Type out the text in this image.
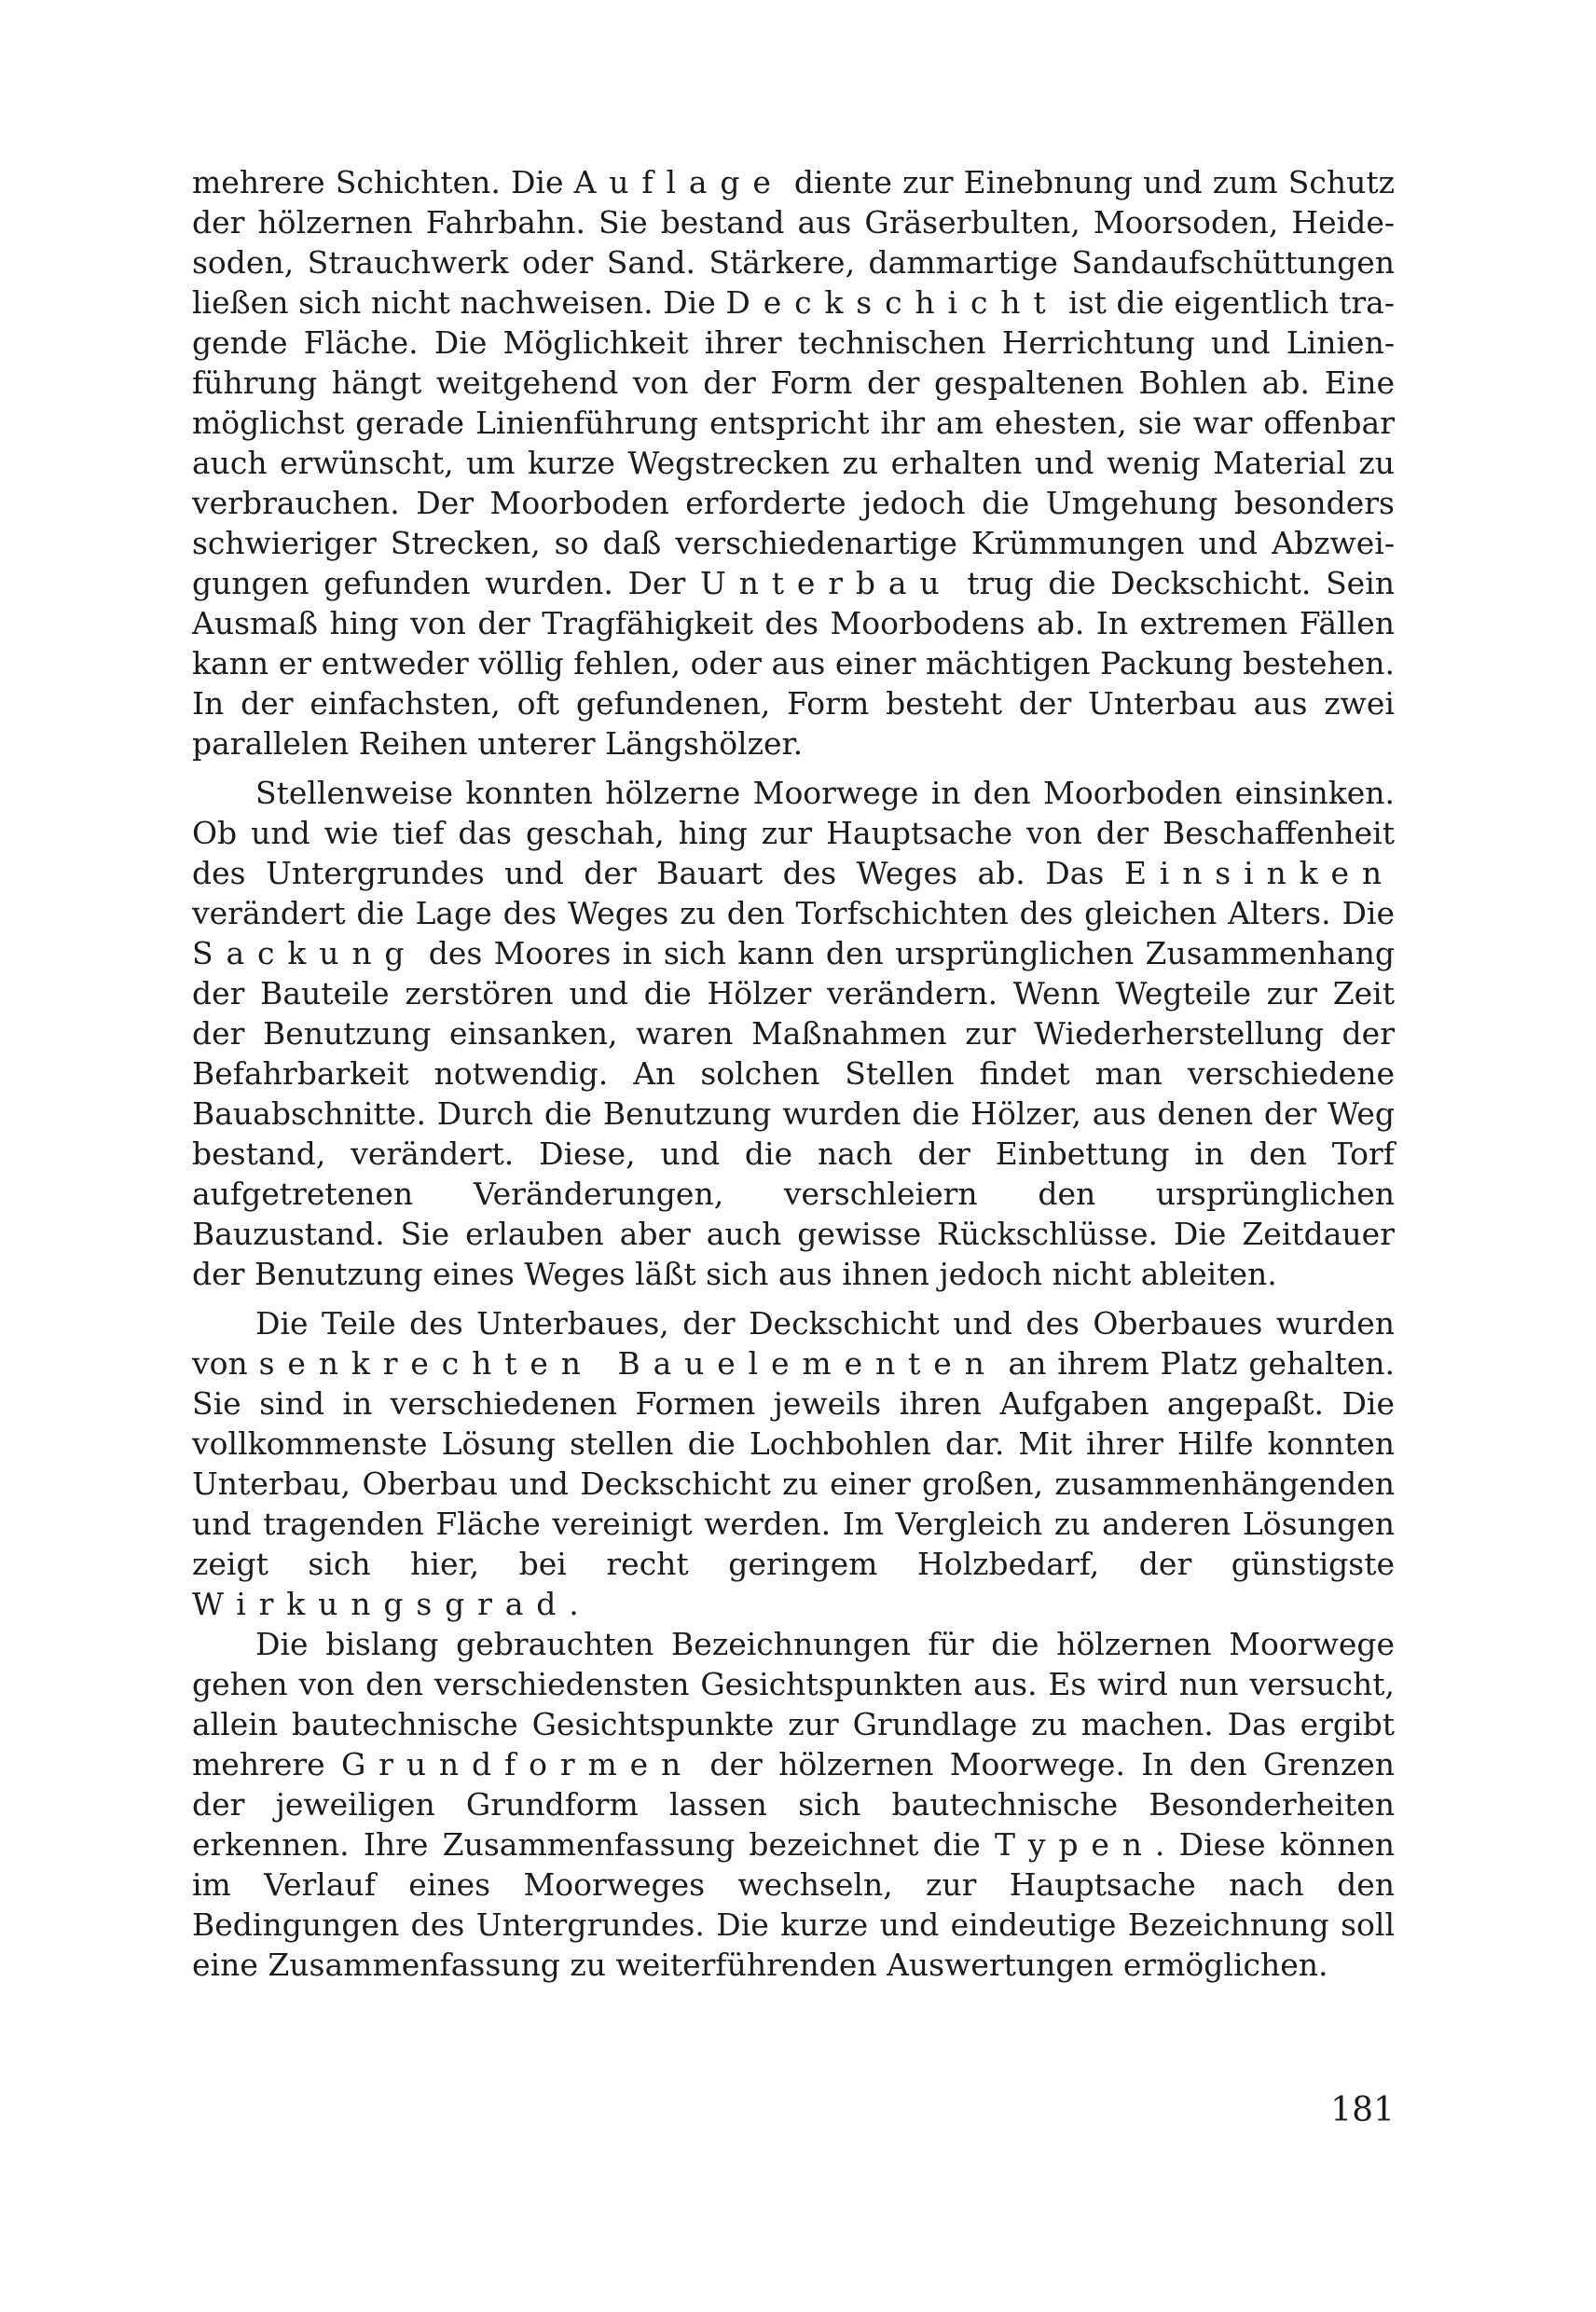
mehrere Schichten. Die Auflage diente zur Einebnung und zum Schutz der hölzernen Fahrbahn. Sie bestand aus Gräserbulten, Moorsoden, Heidesoden, Strauchwerk oder Sand. Stärkere, dammartige Sandaufschüttungen ließen sich nicht nachweisen. Die Deckschicht ist die eigentlich tragende Fläche. Die Möglichkeit ihrer technischen Herrichtung und Linienführung hängt weitgehend von der Form der gespaltenen Bohlen ab. Eine möglichst gerade Linienführung entspricht ihr am ehesten, sie war offenbar auch erwünscht, um kurze Wegstrecken zu erhalten und wenig Material zu verbrauchen. Der Moorboden erforderte jedoch die Umgehung besonders schwieriger Strecken, so daß verschiedenartige Krümmungen und Abzweigungen gefunden wurden. Der Unterbau trug die Deckschicht. Sein Ausmaß hing von der Tragfähigkeit des Moorbodens ab. In extremen Fällen kann er entweder völlig fehlen, oder aus einer mächtigen Packung bestehen. In der einfachsten, oft gefundenen, Form besteht der Unterbau aus zwei parallelen Reihen unterer Längshölzer.

Stellenweise konnten hölzerne Moorwege in den Moorboden einsinken. Ob und wie tief das geschah, hing zur Hauptsache von der Beschaffenheit des Untergrundes und der Bauart des Weges ab. Das Einsinken verändert die Lage des Weges zu den Torfschichten des gleichen Alters. Die Sackung des Moores in sich kann den ursprünglichen Zusammenhang der Bauteile zerstören und die Hölzer verändern. Wenn Wegteile zur Zeit der Benutzung einsanken, waren Maßnahmen zur Wiederherstellung der Befahrbarkeit notwendig. An solchen Stellen findet man verschiedene Bauabschnitte. Durch die Benutzung wurden die Hölzer, aus denen der Weg bestand, verändert. Diese, und die nach der Einbettung in den Torf aufgetretenen Veränderungen, verschleiern den ursprünglichen Bauzustand. Sie erlauben aber auch gewisse Rückschlüsse. Die Zeitdauer der Benutzung eines Weges läßt sich aus ihnen jedoch nicht ableiten.

Die Teile des Unterbaues, der Deckschicht und des Oberbaues wurden von senkrechten Bauelementen an ihrem Platz gehalten. Sie sind in verschiedenen Formen jeweils ihren Aufgaben angepaßt. Die vollkommenste Lösung stellen die Lochbohlen dar. Mit ihrer Hilfe konnten Unterbau, Oberbau und Deckschicht zu einer großen, zusammenhängenden und tragenden Fläche vereinigt werden. Im Vergleich zu anderen Lösungen zeigt sich hier, bei recht geringem Holzbedarf, der günstigste Wirkungsgrad.

Die bislang gebrauchten Bezeichnungen für die hölzernen Moorwege gehen von den verschiedensten Gesichtspunkten aus. Es wird nun versucht, allein bautechnische Gesichtspunkte zur Grundlage zu machen. Das ergibt mehrere Grundformen der hölzernen Moorwege. In den Grenzen der jeweiligen Grundform lassen sich bautechnische Besonderheiten erkennen. Ihre Zusammenfassung bezeichnet die Typen. Diese können im Verlauf eines Moorweges wechseln, zur Hauptsache nach den Bedingungen des Untergrundes. Die kurze und eindeutige Bezeichnung soll eine Zusammenfassung zu weiterführenden Auswertungen ermöglichen.

181
